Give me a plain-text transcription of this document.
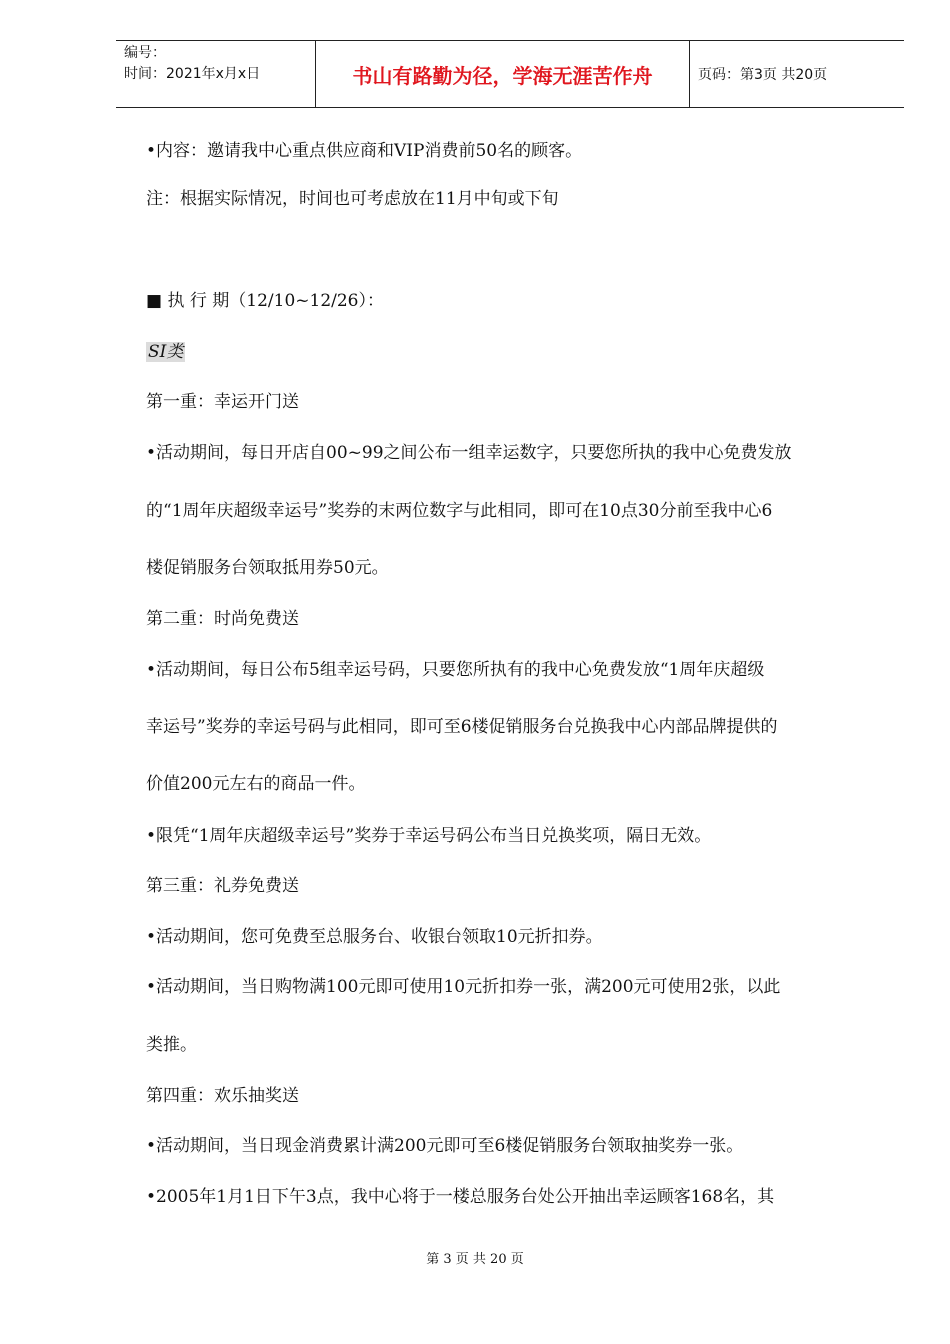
编号：
时间：2021年x月x日	书山有路勤为径，学海无涯苦作舟	页码：第3页 共20页
•内容：邀请我中心重点供应商和VIP消费前50名的顾客。
注：根据实际情况，时间也可考虑放在11月中旬或下旬
■ 执 行 期（12/10~12/26）：
SI类
第一重：幸运开门送
•活动期间，每日开店自00~99之间公布一组幸运数字，只要您所执的我中心免费发放
的“1周年庆超级幸运号”奖券的末两位数字与此相同，即可在10点30分前至我中心6
楼促销服务台领取抵用券50元。
第二重：时尚免费送
•活动期间，每日公布5组幸运号码，只要您所执有的我中心免费发放“1周年庆超级
幸运号”奖券的幸运号码与此相同，即可至6楼促销服务台兑换我中心内部品牌提供的
价值200元左右的商品一件。
•限凭“1周年庆超级幸运号”奖券于幸运号码公布当日兑换奖项，隔日无效。
第三重：礼券免费送
•活动期间，您可免费至总服务台、收银台领取10元折扣券。
•活动期间，当日购物满100元即可使用10元折扣券一张，满200元可使用2张，以此
类推。
第四重：欢乐抽奖送
•活动期间，当日现金消费累计满200元即可至6楼促销服务台领取抽奖券一张。
•2005年1月1日下午3点，我中心将于一楼总服务台处公开抽出幸运顾客168名，其
第 3 页 共 20 页
